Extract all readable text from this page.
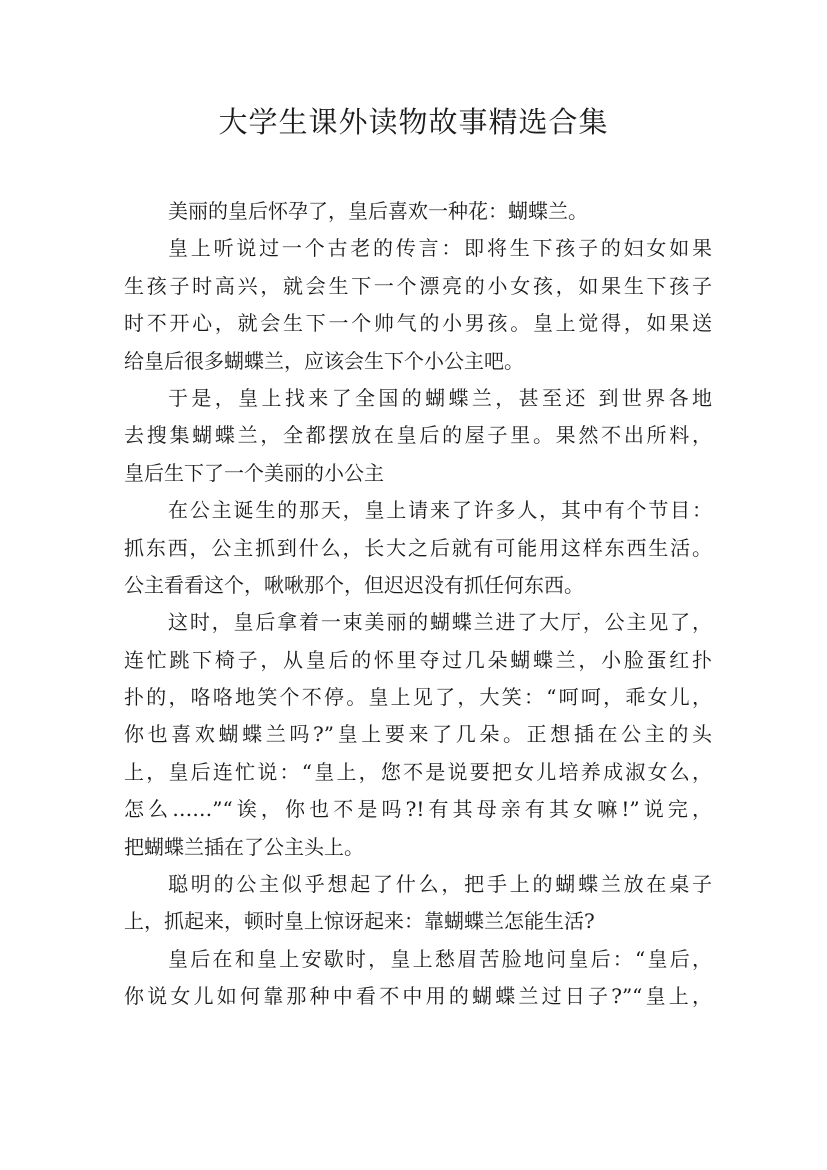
大学生课外读物故事精选合集
美丽的皇后怀孕了，皇后喜欢一种花：蝴蝶兰。
皇上听说过一个古老的传言：即将生下孩子的妇女如果
生孩子时高兴，就会生下一个漂亮的小女孩，如果生下孩子
时不开心，就会生下一个帅气的小男孩。皇上觉得，如果送
给皇后很多蝴蝶兰，应该会生下个小公主吧。
于是，皇上找来了全国的蝴蝶兰，甚至还 到世界各地
去搜集蝴蝶兰，全都摆放在皇后的屋子里。果然不出所料，
皇后生下了一个美丽的小公主
在公主诞生的那天，皇上请来了许多人，其中有个节目：
抓东西，公主抓到什么，长大之后就有可能用这样东西生活。
公主看看这个，啾啾那个，但迟迟没有抓任何东西。
这时，皇后拿着一束美丽的蝴蝶兰进了大厅，公主见了，
连忙跳下椅子，从皇后的怀里夺过几朵蝴蝶兰，小脸蛋红扑
扑的，咯咯地笑个不停。皇上见了，大笑：“呵呵，乖女儿，
你也喜欢蝴蝶兰吗?”皇上要来了几朵。正想插在公主的头
上，皇后连忙说：“皇上，您不是说要把女儿培养成淑女么，
怎么……”“诶，你也不是吗?!有其母亲有其女嘛!”说完，
把蝴蝶兰插在了公主头上。
聪明的公主似乎想起了什么，把手上的蝴蝶兰放在桌子
上，抓起来，顿时皇上惊讶起来：靠蝴蝶兰怎能生活?
皇后在和皇上安歇时，皇上愁眉苦脸地问皇后：“皇后，
你说女儿如何靠那种中看不中用的蝴蝶兰过日子?”“皇上，
